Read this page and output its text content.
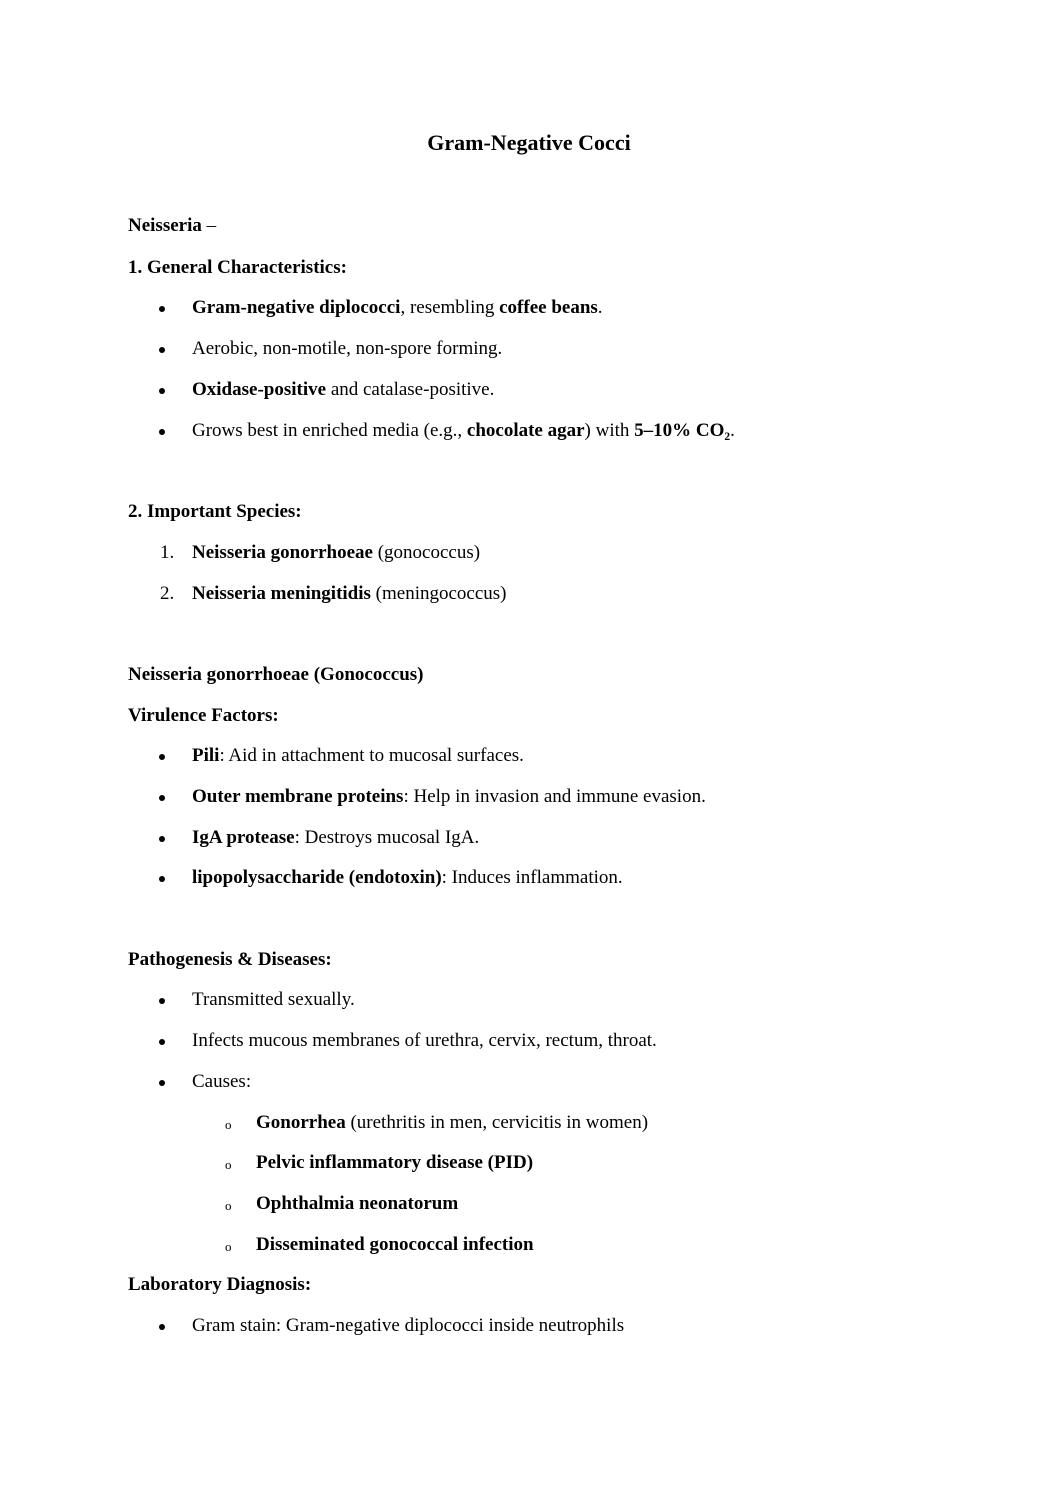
Gram-Negative Cocci
Neisseria –
1. General Characteristics:
Gram-negative diplococci, resembling coffee beans.
Aerobic, non-motile, non-spore forming.
Oxidase-positive and catalase-positive.
Grows best in enriched media (e.g., chocolate agar) with 5–10% CO₂.
2. Important Species:
1. Neisseria gonorrhoeae (gonococcus)
2. Neisseria meningitidis (meningococcus)
Neisseria gonorrhoeae (Gonococcus)
Virulence Factors:
Pili: Aid in attachment to mucosal surfaces.
Outer membrane proteins: Help in invasion and immune evasion.
IgA protease: Destroys mucosal IgA.
lipopolysaccharide (endotoxin): Induces inflammation.
Pathogenesis & Diseases:
Transmitted sexually.
Infects mucous membranes of urethra, cervix, rectum, throat.
Causes:
o Gonorrhea (urethritis in men, cervicitis in women)
o Pelvic inflammatory disease (PID)
o Ophthalmia neonatorum
o Disseminated gonococcal infection
Laboratory Diagnosis:
Gram stain: Gram-negative diplococci inside neutrophils
